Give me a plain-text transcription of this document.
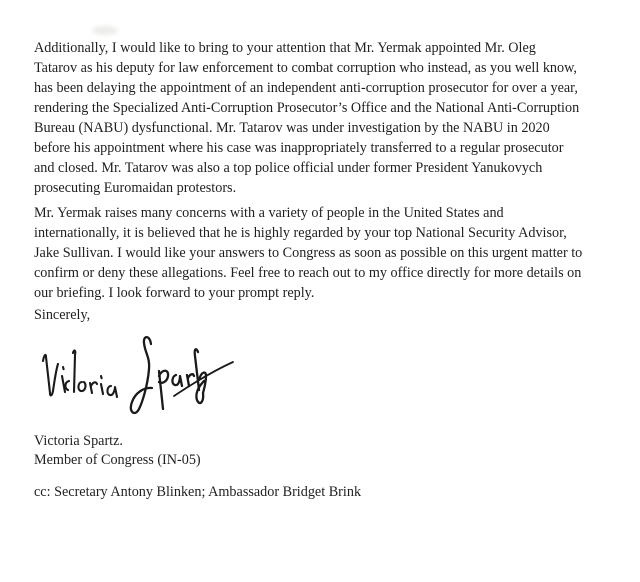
Additionally, I would like to bring to your attention that Mr. Yermak appointed Mr. Oleg
Tatarov as his deputy for law enforcement to combat corruption who instead, as you well know,
has been delaying the appointment of an independent anti-corruption prosecutor for over a year,
rendering the Specialized Anti-Corruption Prosecutor’s Office and the National Anti-Corruption
Bureau (NABU) dysfunctional. Mr. Tatarov was under investigation by the NABU in 2020
before his appointment where his case was inappropriately transferred to a regular prosecutor
and closed. Mr. Tatarov was also a top police official under former President Yanukovych
prosecuting Euromaidan protestors.
Mr. Yermak raises many concerns with a variety of people in the United States and
internationally, it is believed that he is highly regarded by your top National Security Advisor,
Jake Sullivan. I would like your answers to Congress as soon as possible on this urgent matter to
confirm or deny these allegations. Feel free to reach out to my office directly for more details on
our briefing. I look forward to your prompt reply.
Sincerely,
Victoria Spartz.
Member of Congress (IN-05)
cc: Secretary Antony Blinken; Ambassador Bridget Brink
